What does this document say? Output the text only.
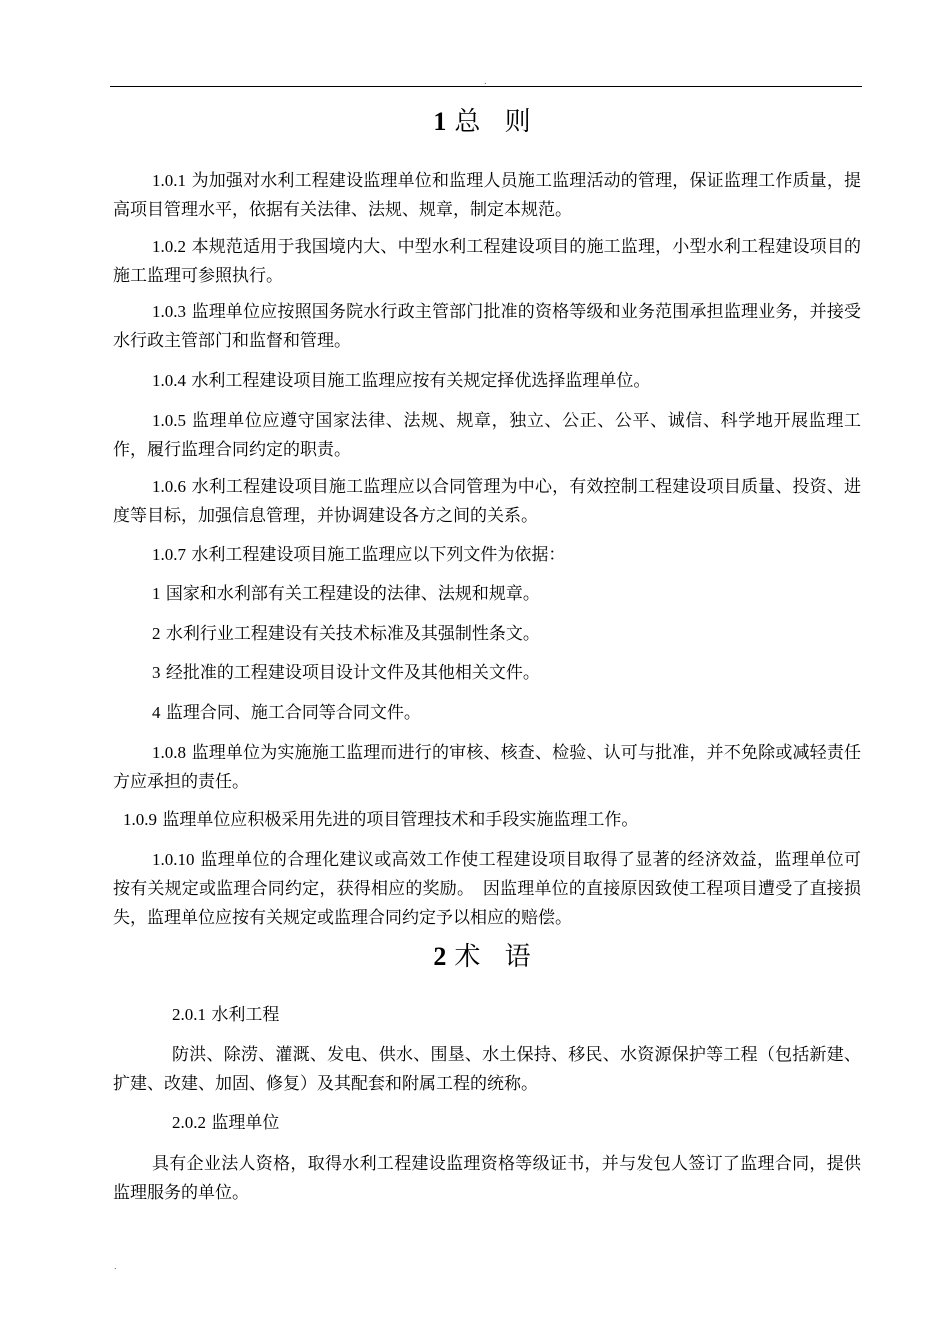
.
1 总 则

1.0.1 为加强对水利工程建设监理单位和监理人员施工监理活动的管理，保证监理工作质量，提高项目管理水平，依据有关法律、法规、规章，制定本规范。

1.0.2 本规范适用于我国境内大、中型水利工程建设项目的施工监理，小型水利工程建设项目的施工监理可参照执行。

1.0.3 监理单位应按照国务院水行政主管部门批准的资格等级和业务范围承担监理业务，并接受水行政主管部门和监督和管理。

1.0.4 水利工程建设项目施工监理应按有关规定择优选择监理单位。

1.0.5 监理单位应遵守国家法律、法规、规章，独立、公正、公平、诚信、科学地开展监理工作，履行监理合同约定的职责。

1.0.6 水利工程建设项目施工监理应以合同管理为中心，有效控制工程建设项目质量、投资、进度等目标，加强信息管理，并协调建设各方之间的关系。

1.0.7 水利工程建设项目施工监理应以下列文件为依据：

1 国家和水利部有关工程建设的法律、法规和规章。

2 水利行业工程建设有关技术标准及其强制性条文。

3 经批准的工程建设项目设计文件及其他相关文件。

4 监理合同、施工合同等合同文件。

1.0.8 监理单位为实施施工监理而进行的审核、核查、检验、认可与批准，并不免除或减轻责任方应承担的责任。

1.0.9 监理单位应积极采用先进的项目管理技术和手段实施监理工作。

1.0.10 监理单位的合理化建议或高效工作使工程建设项目取得了显著的经济效益，监理单位可按有关规定或监理合同约定，获得相应的奖励。　因监理单位的直接原因致使工程项目遭受了直接损失，监理单位应按有关规定或监理合同约定予以相应的赔偿。

2 术 语

2.0.1 水利工程

防洪、除涝、灌溉、发电、供水、围垦、水土保持、移民、水资源保护等工程（包括新建、扩建、改建、加固、修复）及其配套和附属工程的统称。

2.0.2 监理单位

具有企业法人资格，取得水利工程建设监理资格等级证书，并与发包人签订了监理合同，提供监理服务的单位。

.
